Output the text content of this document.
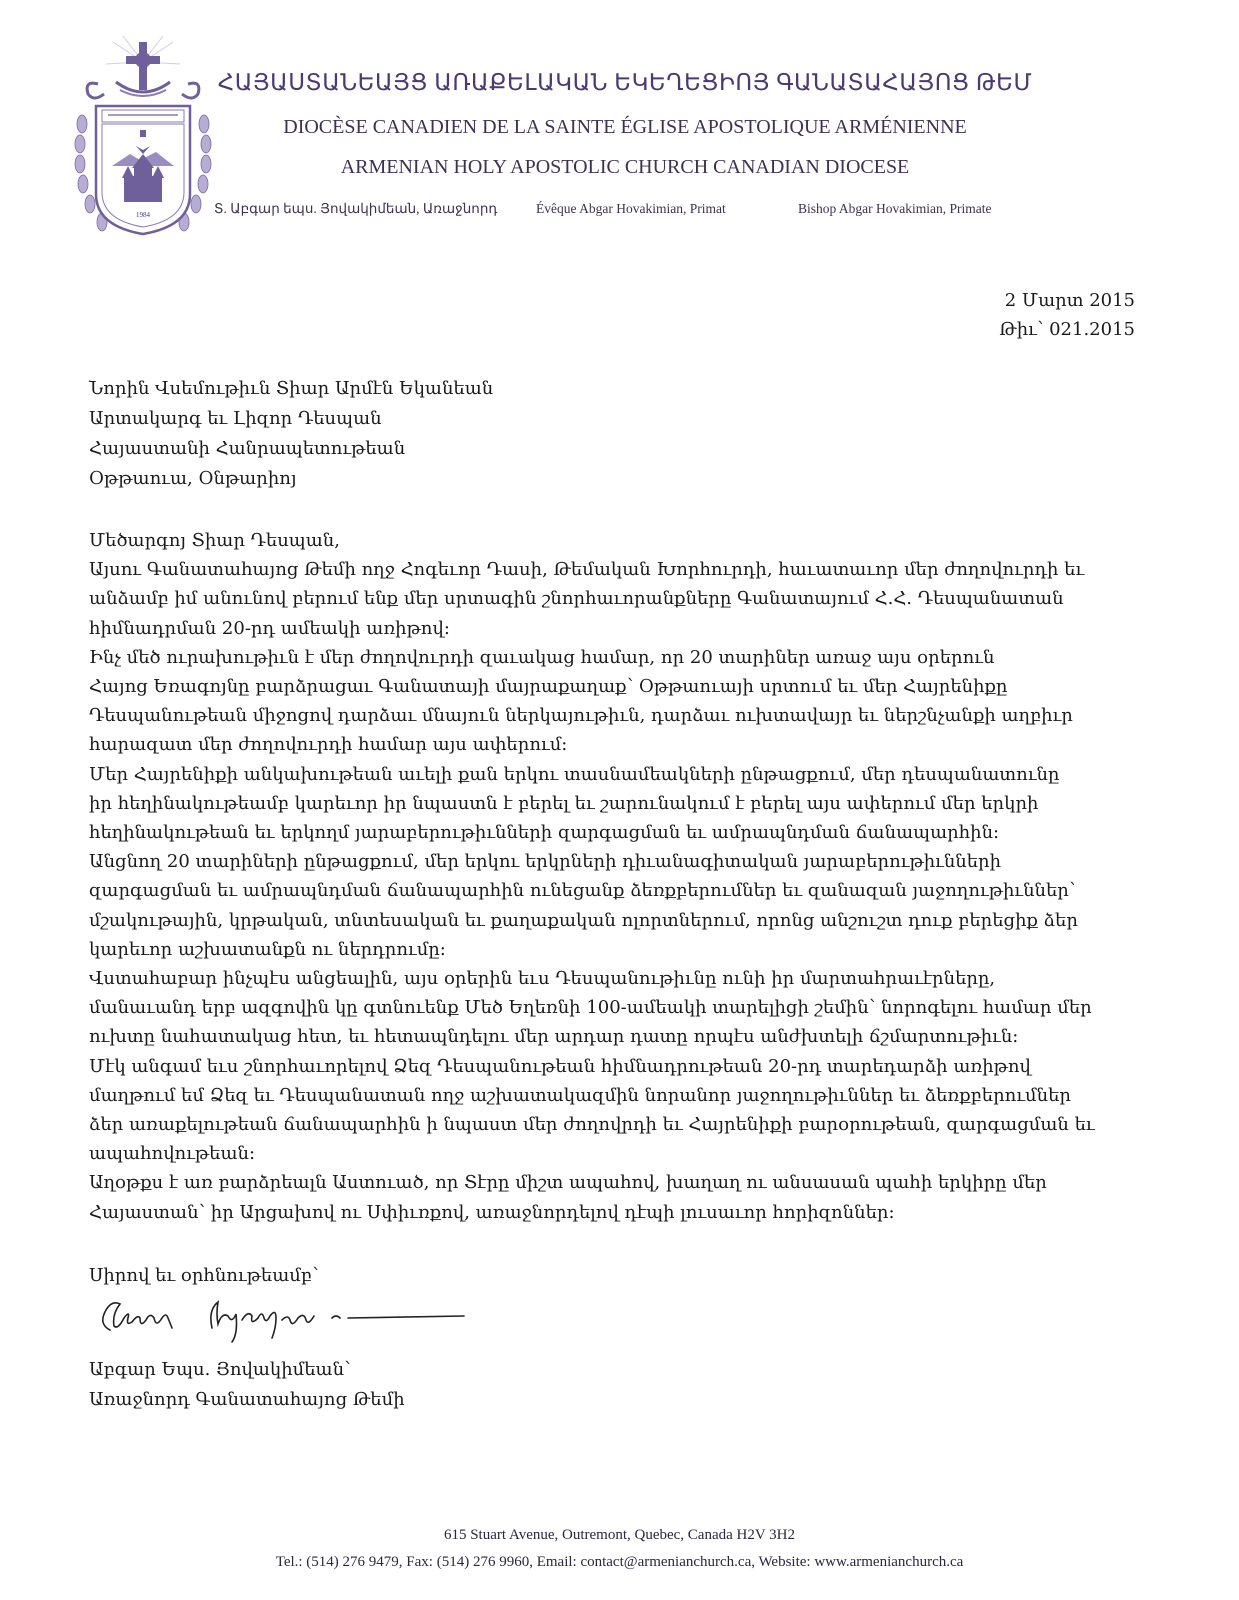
1984
ՀԱՅԱՍՏԱՆԵԱՅՑ ԱՌԱՔԵԼԱԿԱՆ ԵԿԵՂԵՑԻՈՅ ԳԱՆԱՏԱՀԱՅՈՑ ԹԵՄ
DIOCÈSE CANADIEN DE LA SAINTE ÉGLISE APOSTOLIQUE ARMÉNIENNE
ARMENIAN HOLY APOSTOLIC CHURCH CANADIAN DIOCESE
Տ. Աբգար եպս. Յովակիմեան, Առաջնորդ	Évêque Abgar Hovakimian, Primat	Bishop Abgar Hovakimian, Primate
2 Մարտ 2015
Թիւ՝ 021.2015
Նորին Վսեմութիւն Տիար Արմէն Եկանեան
Արտակարգ եւ Լիզոր Դեսպան
Հայաստանի Հանրապետութեան
Օթթաուա, Օնթարիոյ

Մեծարգոյ Տիար Դեսպան,

Այսու Գանատահայոց Թեմի ողջ Հոգեւոր Դասի, Թեմական Խորհուրդի, հաւատաւոր մեր ժողովուրդի եւ

անձամբ իմ անունով բերում ենք մեր սրտագին շնորհաւորանքները Գանատայում Հ.Հ. Դեսպանատան

հիմնադրման 20-րդ ամեակի առիթով:

Ինչ մեծ ուրախութիւն է մեր ժողովուրդի զաւակաց համար, որ 20 տարիներ առաջ այս օրերուն

Հայոց Եռագոյնը բարձրացաւ Գանատայի մայրաքաղաք՝ Օթթաուայի սրտում եւ մեր Հայրենիքը

Դեսպանութեան միջոցով դարձաւ մնայուն ներկայութիւն, դարձաւ ուխտավայր եւ ներշնչանքի աղբիւր

հարազատ մեր ժողովուրդի համար այս ափերում:

Մեր Հայրենիքի անկախութեան աւելի քան երկու տասնամեակների ընթացքում, մեր դեսպանատունը

իր հեղինակութեամբ կարեւոր իր նպաստն է բերել եւ շարունակում է բերել այս ափերում մեր երկրի

հեղինակութեան եւ երկողմ յարաբերութիւնների զարգացման եւ ամրապնդման ճանապարհին:

Անցնող 20 տարիների ընթացքում, մեր երկու երկրների դիւանագիտական յարաբերութիւնների

զարգացման եւ ամրապնդման ճանապարհին ունեցանք ձեռքբերումներ եւ զանազան յաջողութիւններ՝

մշակութային, կրթական, տնտեսական եւ քաղաքական ոլորտներում, որոնց անշուշտ դուք բերեցիք ձեր

կարեւոր աշխատանքն ու ներդրումը:

Վստահաբար ինչպէս անցեալին, այս օրերին եւս Դեսպանութիւնը ունի իր մարտահրաւէրները,

մանաւանդ երբ ազգովին կը գտնուենք Մեծ Եղեռնի 100-ամեակի տարելիցի շեմին՝ նորոգելու համար մեր

ուխտը նահատակաց հետ, եւ հետապնդելու մեր արդար դատը որպէս անժխտելի ճշմարտութիւն:

Մէկ անգամ եւս շնորհաւորելով Ձեզ Դեսպանութեան հիմնադրութեան 20-րդ տարեդարձի առիթով

մաղթում եմ Ձեզ եւ Դեսպանատան ողջ աշխատակազմին նորանոր յաջողութիւններ եւ ձեռքբերումներ

ձեր առաքելութեան ճանապարհին ի նպաստ մեր ժողովրդի եւ Հայրենիքի բարօրութեան, զարգացման եւ

ապահովութեան:

Աղօթքս է առ բարձրեալն Աստուած, որ Տէրը միշտ ապահով, խաղաղ ու անսասան պահի երկիրը մեր

Հայաստան՝ իր Արցախով ու Սփիւռքով, առաջնորդելով դէպի լուսաւոր հորիզոններ:

Սիրով եւ օրհնութեամբ՝
Աբգար Եպս. Յովակիմեան՝
Առաջնորդ Գանատահայոց Թեմի
615 Stuart Avenue, Outremont, Quebec, Canada H2V 3H2
Tel.: (514) 276 9479, Fax: (514) 276 9960, Email: contact@armenianchurch.ca, Website: www.armenianchurch.ca
